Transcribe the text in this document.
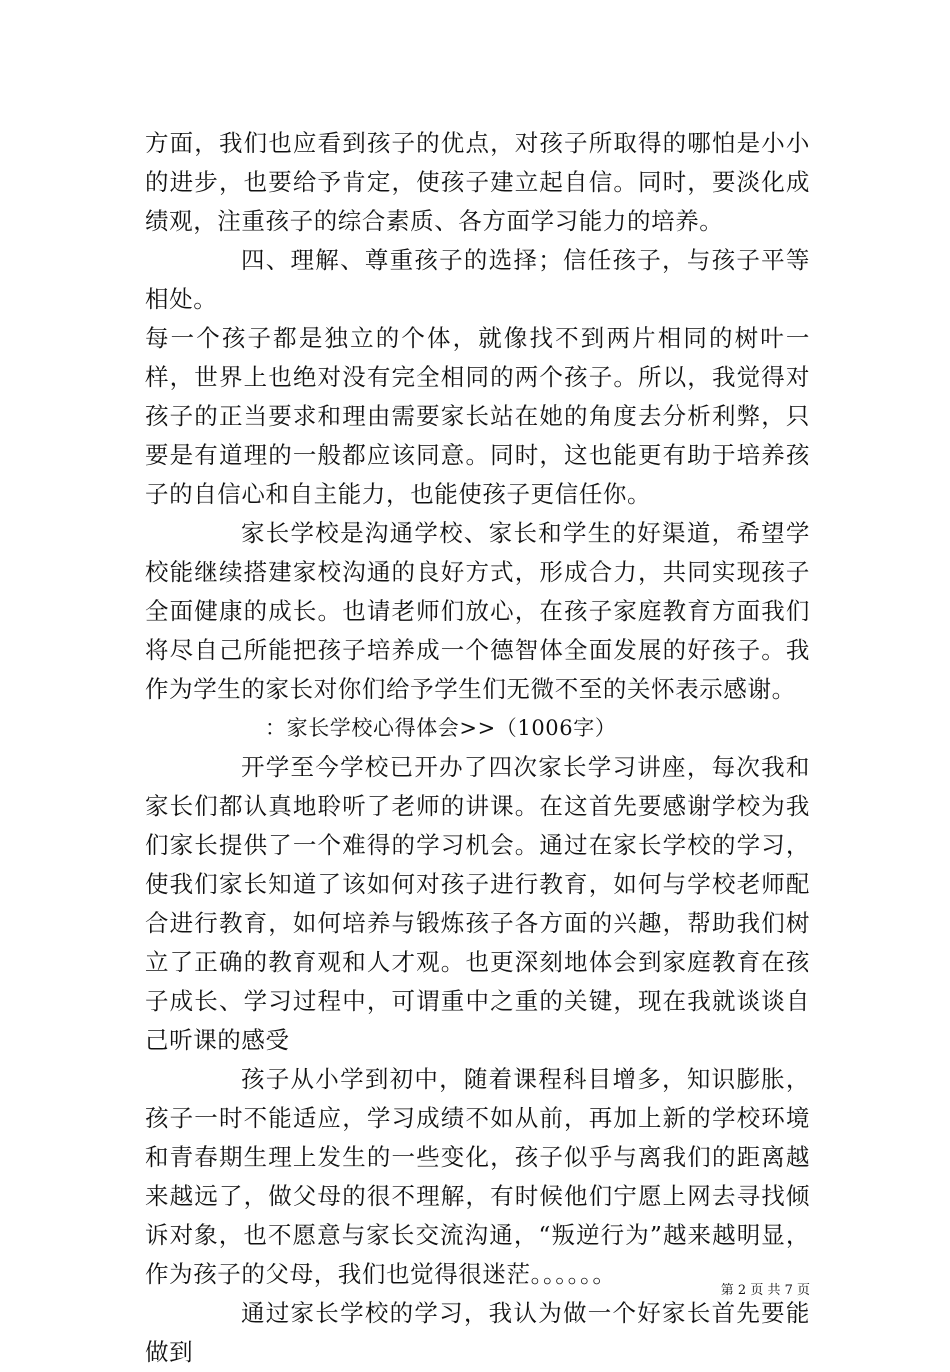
方面，我们也应看到孩子的优点，对孩子所取得的哪怕是小小的进步，也要给予肯定，使孩子建立起自信。同时，要淡化成绩观，注重孩子的综合素质、各方面学习能力的培养。

四、理解、尊重孩子的选择；信任孩子，与孩子平等相处。

每一个孩子都是独立的个体，就像找不到两片相同的树叶一样，世界上也绝对没有完全相同的两个孩子。所以，我觉得对孩子的正当要求和理由需要家长站在她的角度去分析利弊，只要是有道理的一般都应该同意。同时，这也能更有助于培养孩子的自信心和自主能力，也能使孩子更信任你。

家长学校是沟通学校、家长和学生的好渠道，希望学校能继续搭建家校沟通的良好方式，形成合力，共同实现孩子全面健康的成长。也请老师们放心，在孩子家庭教育方面我们将尽自己所能把孩子培养成一个德智体全面发展的好孩子。我作为学生的家长对你们给予学生们无微不至的关怀表示感谢。

：家长学校心得体会>>（1006字）

开学至今学校已开办了四次家长学习讲座，每次我和家长们都认真地聆听了老师的讲课。在这首先要感谢学校为我们家长提供了一个难得的学习机会。通过在家长学校的学习，使我们家长知道了该如何对孩子进行教育，如何与学校老师配合进行教育，如何培养与锻炼孩子各方面的兴趣，帮助我们树立了正确的教育观和人才观。也更深刻地体会到家庭教育在孩子成长、学习过程中，可谓重中之重的关键，现在我就谈谈自己听课的感受

孩子从小学到初中，随着课程科目增多，知识膨胀，孩子一时不能适应，学习成绩不如从前，再加上新的学校环境和青春期生理上发生的一些变化，孩子似乎与离我们的距离越来越远了，做父母的很不理解，有时候他们宁愿上网去寻找倾诉对象，也不愿意与家长交流沟通，“叛逆行为”越来越明显，作为孩子的父母，我们也觉得很迷茫。。。。。。

通过家长学校的学习，我认为做一个好家长首先要能做到

第 2 页 共 7 页
